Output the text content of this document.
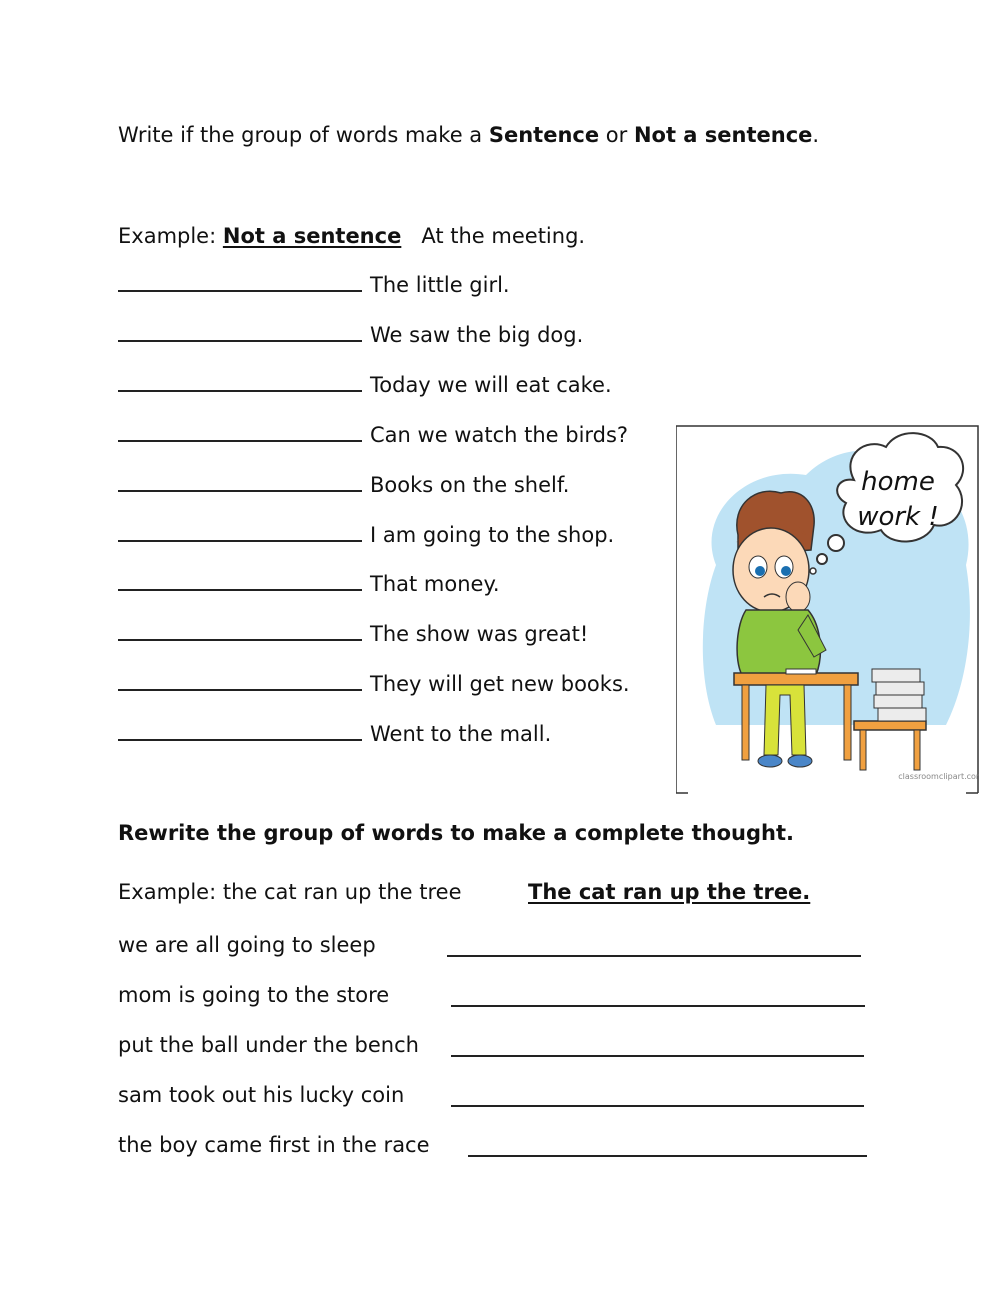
Write if the group of words make a Sentence or Not a sentence.
Example: Not a sentence At the meeting.
The little girl.
We saw the big dog.
Today we will eat cake.
Can we watch the birds?
Books on the shelf.
I am going to the shop.
That money.
The show was great!
They will get new books.
Went to the mall.
home
work !
classroomclipart.com
Rewrite the group of words to make a complete thought.
Example: the cat ran up the tree	The cat ran up the tree.
we are all going to sleep
mom is going to the store
put the ball under the bench
sam took out his lucky coin
the boy came first in the race
